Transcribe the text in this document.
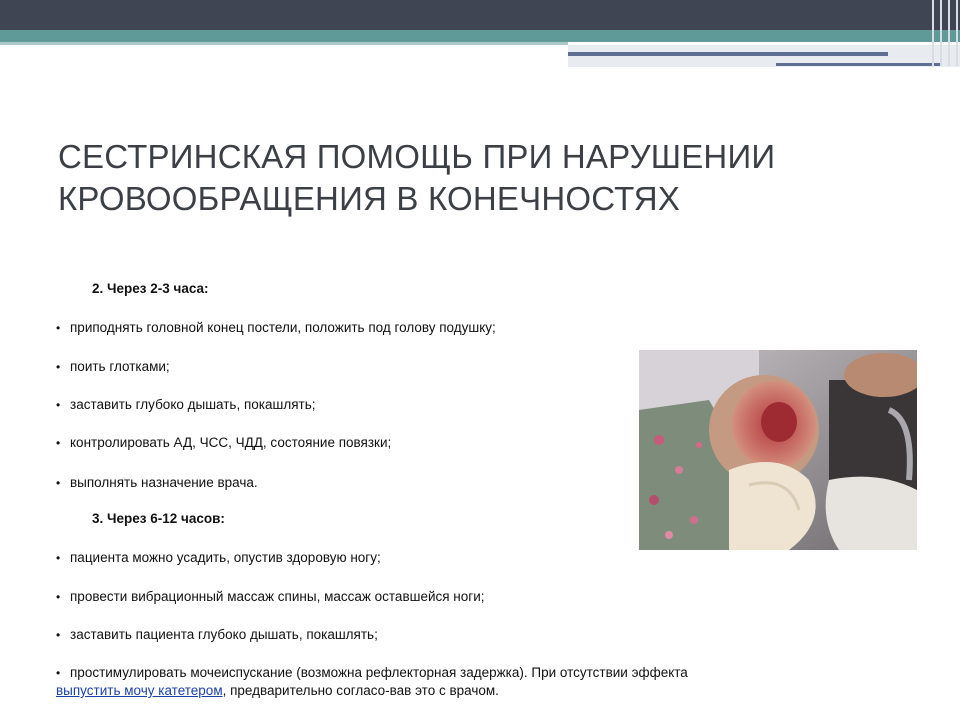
СЕСТРИНСКАЯ ПОМОЩЬ ПРИ НАРУШЕНИИ
КРОВООБРАЩЕНИЯ В КОНЕЧНОСТЯХ
2. Через 2-3 часа:
• приподнять головной конец постели, положить под голову подушку;
• поить глотками;
• заставить глубоко дышать, покашлять;
• контролировать АД, ЧСС, ЧДД, состояние повязки;
• выполнять назначение врача.
3. Через 6-12 часов:
• пациента можно усадить, опустив здоровую ногу;
• провести вибрационный массаж спины, массаж оставшейся ноги;
• заставить пациента глубоко дышать, покашлять;
• простимулировать мочеиспускание (возможна рефлекторная задержка). При отсутствии эффекта выпустить мочу катетером, предварительно согласо-вав это с врачом.
